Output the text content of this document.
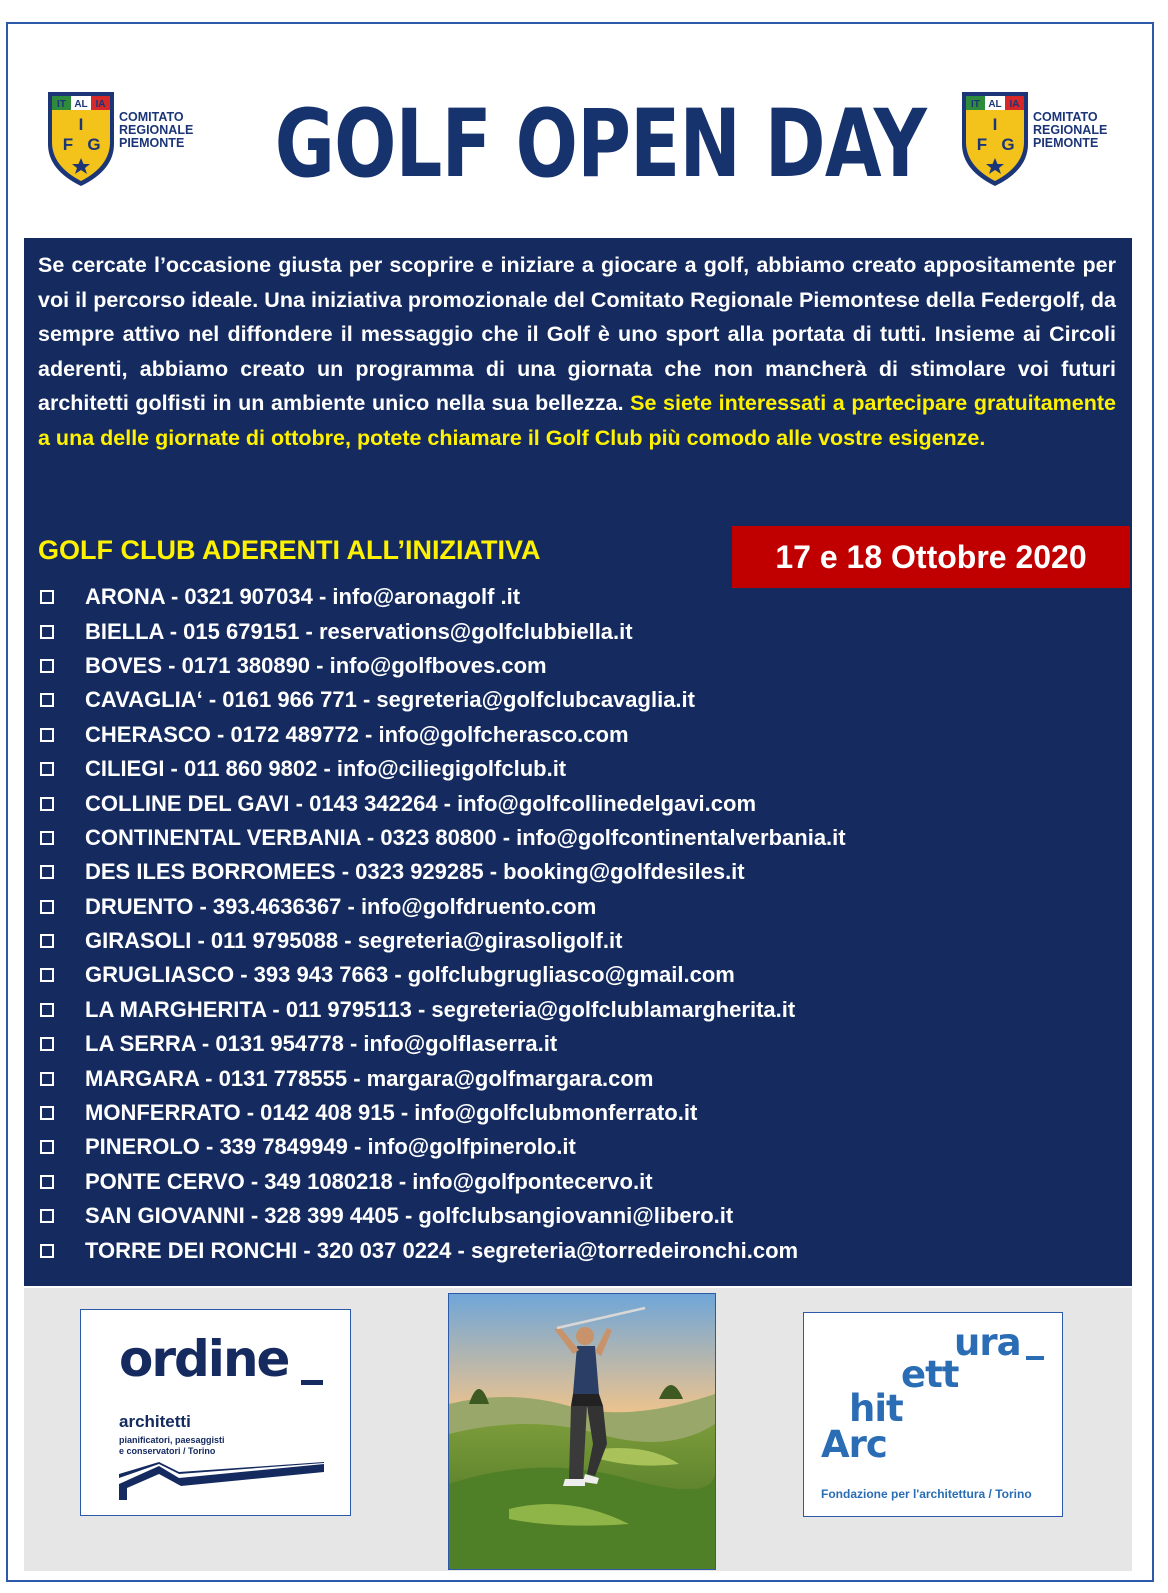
IT AL IA
F
I
G
COMITATO
REGIONALE
PIEMONTE GOLF OPEN DAY	IT AL IA
F
I
G
COMITATO
REGIONALE
PIEMONTE

Se cercate l’occasione giusta per scoprire e iniziare a giocare a golf, abbiamo creato appositamente per voi il percorso ideale. Una iniziativa promozionale del Comitato Regionale Piemontese della Federgolf, da sempre attivo nel diffondere il messaggio che il Golf è uno sport alla portata di tutti. Insieme ai Circoli aderenti, abbiamo creato un programma di una giornata che non mancherà di stimolare voi futuri architetti golfisti in un ambiente unico nella sua bellezza. Se siete interessati a partecipare gratuitamente a una delle giornate di ottobre, potete chiamare il Golf Club più comodo alle vostre esigenze.

GOLF CLUB ADERENTI ALL’INIZIATIVA	17 e 18 Ottobre 2020
ARONA - 0321 907034 - info@aronagolf .it
BIELLA - 015 679151 - reservations@golfclubbiella.it
BOVES - 0171 380890 - info@golfboves.com
CAVAGLIA‘ - 0161 966 771 - segreteria@golfclubcavaglia.it
CHERASCO - 0172 489772 - info@golfcherasco.com
CILIEGI - 011 860 9802 - info@ciliegigolfclub.it
COLLINE DEL GAVI - 0143 342264 - info@golfcollinedelgavi.com
CONTINENTAL VERBANIA - 0323 80800 - info@golfcontinentalverbania.it
DES ILES BORROMEES - 0323 929285 - booking@golfdesiles.it
DRUENTO - 393.4636367 - info@golfdruento.com
GIRASOLI - 011 9795088 - segreteria@girasoligolf.it
GRUGLIASCO - 393 943 7663 - golfclubgrugliasco@gmail.com
LA MARGHERITA - 011 9795113 - segreteria@golfclublamargherita.it
LA SERRA - 0131 954778 - info@golflaserra.it
MARGARA - 0131 778555 - margara@golfmargara.com
MONFERRATO - 0142 408 915 - info@golfclubmonferrato.it
PINEROLO - 339 7849949 - info@golfpinerolo.it
PONTE CERVO - 349 1080218 - info@golfpontecervo.it
SAN GIOVANNI - 328 399 4405 - golfclubsangiovanni@libero.it
TORRE DEI RONCHI - 320 037 0224 - segreteria@torredeironchi.com
ordine
architetti
pianificatori, paesaggisti
e conservatori / Torino
ura
ett
hit
Arc
Fondazione per l'architettura / Torino
